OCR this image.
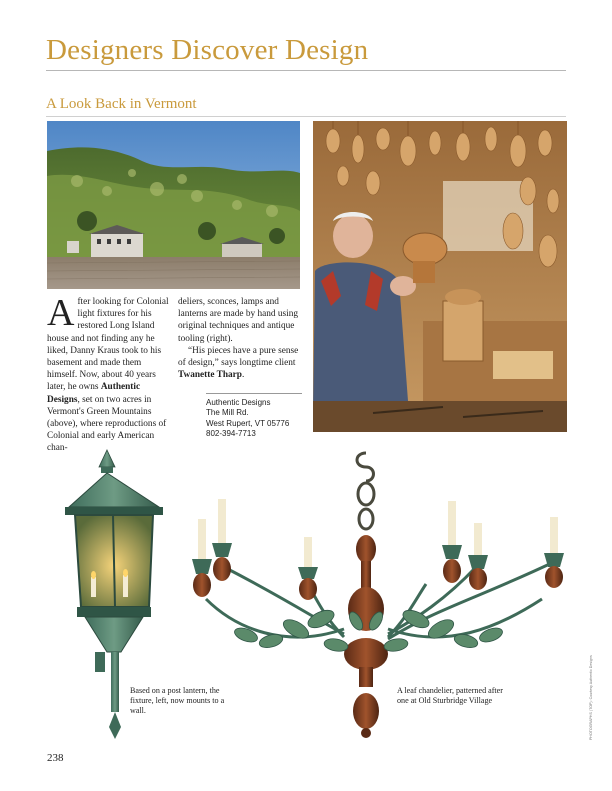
Designers Discover Design
A Look Back in Vermont
After looking for Colonial light fixtures for his restored Long Island house and not finding any he liked, Danny Kraus took to his basement and made them himself. Now, about 40 years later, he owns Authentic Designs, set on two acres in Vermont's Green Mountains (above), where reproductions of Colonial and early American chan-

deliers, sconces, lamps and lanterns are made by hand using original techniques and antique tooling (right).

“His pieces have a pure sense of design,” says longtime client Twanette Tharp.

Authentic Designs
The Mill Rd.
West Rupert, VT 05776
802-394-7713
Based on a post lantern, the fixture, left, now mounts to a wall.
A leaf chandelier, patterned after one at Old Sturbridge Village	PHOTOGRAPHS (TOP): Courtesy Authentic Designs
238
